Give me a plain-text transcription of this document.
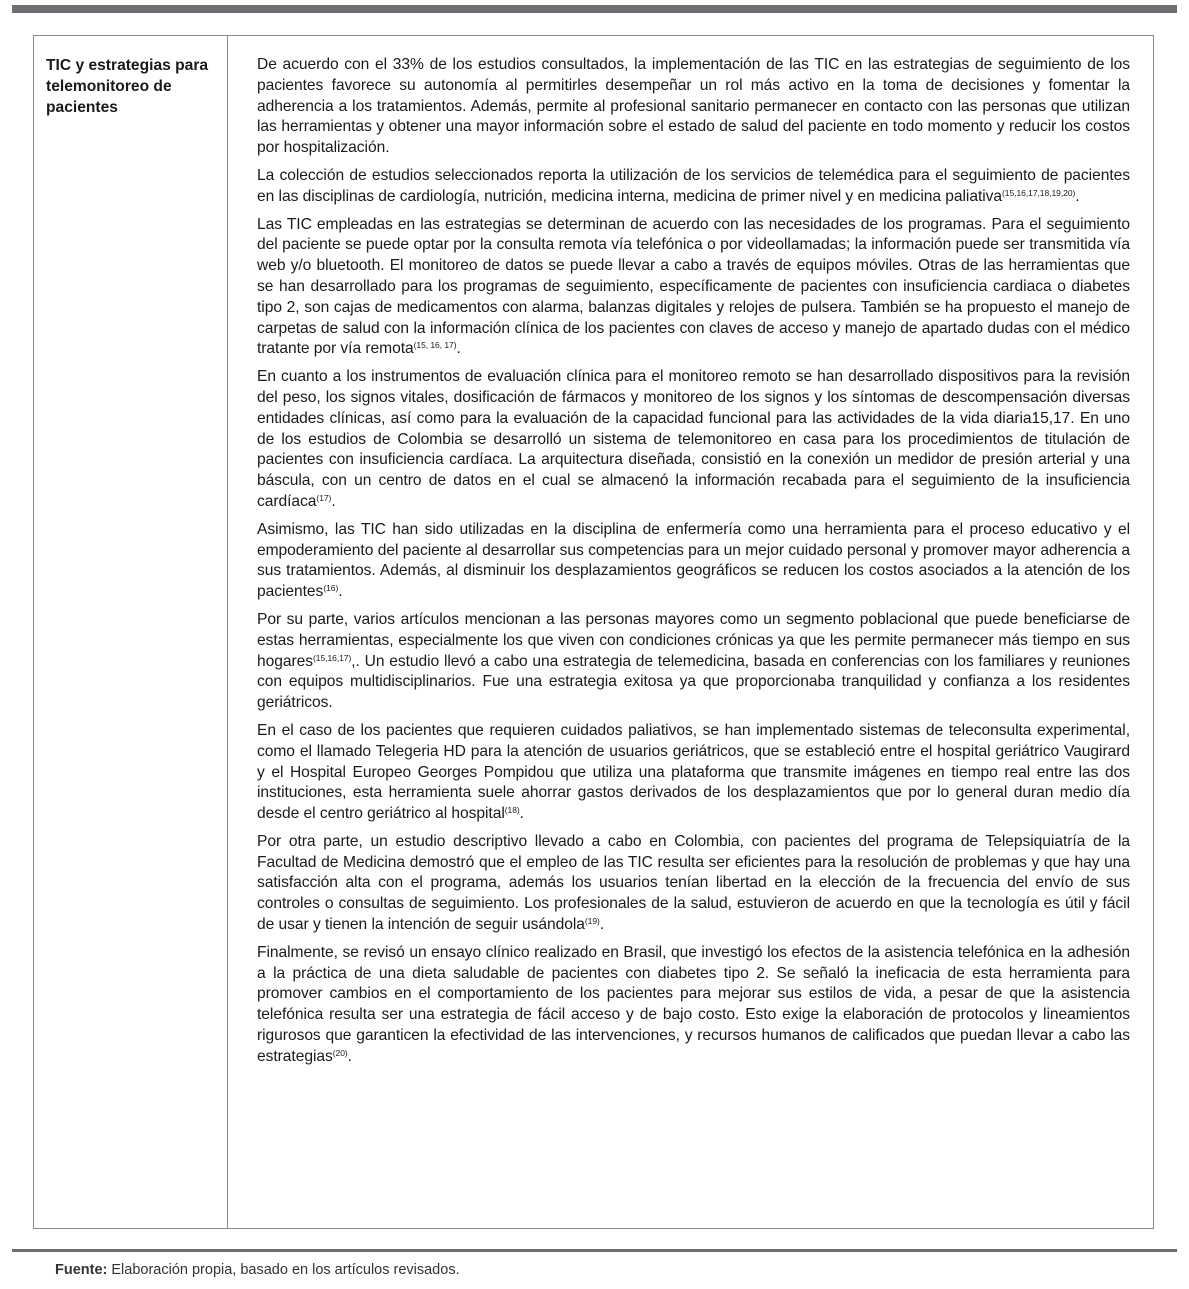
TIC y estrategias para telemonitoreo de pacientes

De acuerdo con el 33% de los estudios consultados, la implementación de las TIC en las estrategias de seguimiento de los pacientes favorece su autonomía al permitirles desempeñar un rol más activo en la toma de decisiones y fomentar la adherencia a los tratamientos. Además, permite al profesional sanitario permanecer en contacto con las personas que utilizan las herramientas y obtener una mayor información sobre el estado de salud del paciente en todo momento y reducir los costos por hospitalización.

La colección de estudios seleccionados reporta la utilización de los servicios de telemédica para el seguimiento de pacientes en las disciplinas de cardiología, nutrición, medicina interna, medicina de primer nivel y en medicina paliativa$^{(15,16,17,18,19,20)}$.

Las TIC empleadas en las estrategias se determinan de acuerdo con las necesidades de los programas. Para el seguimiento del paciente se puede optar por la consulta remota vía telefónica o por videollamadas; la información puede ser transmitida vía web y/o bluetooth. El monitoreo de datos se puede llevar a cabo a través de equipos móviles. Otras de las herramientas que se han desarrollado para los programas de seguimiento, específicamente de pacientes con insuficiencia cardiaca o diabetes tipo 2, son cajas de medicamentos con alarma, balanzas digitales y relojes de pulsera. También se ha propuesto el manejo de carpetas de salud con la información clínica de los pacientes con claves de acceso y manejo de apartado dudas con el médico tratante por vía remota$^{(15, 16, 17)}$.

En cuanto a los instrumentos de evaluación clínica para el monitoreo remoto se han desarrollado dispositivos para la revisión del peso, los signos vitales, dosificación de fármacos y monitoreo de los signos y los síntomas de descompensación diversas entidades clínicas, así como para la evaluación de la capacidad funcional para las actividades de la vida diaria15,17. En uno de los estudios de Colombia se desarrolló un sistema de telemonitoreo en casa para los procedimientos de titulación de pacientes con insuficiencia cardíaca. La arquitectura diseñada, consistió en la conexión un medidor de presión arterial y una báscula, con un centro de datos en el cual se almacenó la información recabada para el seguimiento de la insuficiencia cardíaca$^{(17)}$.

Asimismo, las TIC han sido utilizadas en la disciplina de enfermería como una herramienta para el proceso educativo y el empoderamiento del paciente al desarrollar sus competencias para un mejor cuidado personal y promover mayor adherencia a sus tratamientos. Además, al disminuir los desplazamientos geográficos se reducen los costos asociados a la atención de los pacientes$^{(16)}$.

Por su parte, varios artículos mencionan a las personas mayores como un segmento poblacional que puede beneficiarse de estas herramientas, especialmente los que viven con condiciones crónicas ya que les permite permanecer más tiempo en sus hogares$^{(15,16,17)}$,. Un estudio llevó a cabo una estrategia de telemedicina, basada en conferencias con los familiares y reuniones con equipos multidisciplinarios. Fue una estrategia exitosa ya que proporcionaba tranquilidad y confianza a los residentes geriátricos.

En el caso de los pacientes que requieren cuidados paliativos, se han implementado sistemas de teleconsulta experimental, como el llamado Telegeria HD para la atención de usuarios geriátricos, que se estableció entre el hospital geriátrico Vaugirard y el Hospital Europeo Georges Pompidou que utiliza una plataforma que transmite imágenes en tiempo real entre las dos instituciones, esta herramienta suele ahorrar gastos derivados de los desplazamientos que por lo general duran medio día desde el centro geriátrico al hospital$^{(18)}$.

Por otra parte, un estudio descriptivo llevado a cabo en Colombia, con pacientes del programa de Telepsiquiatría de la Facultad de Medicina demostró que el empleo de las TIC resulta ser eficientes para la resolución de problemas y que hay una satisfacción alta con el programa, además los usuarios tenían libertad en la elección de la frecuencia del envío de sus controles o consultas de seguimiento. Los profesionales de la salud, estuvieron de acuerdo en que la tecnología es útil y fácil de usar y tienen la intención de seguir usándola$^{(19)}$.

Finalmente, se revisó un ensayo clínico realizado en Brasil, que investigó los efectos de la asistencia telefónica en la adhesión a la práctica de una dieta saludable de pacientes con diabetes tipo 2. Se señaló la ineficacia de esta herramienta para promover cambios en el comportamiento de los pacientes para mejorar sus estilos de vida, a pesar de que la asistencia telefónica resulta ser una estrategia de fácil acceso y de bajo costo. Esto exige la elaboración de protocolos y lineamientos rigurosos que garanticen la efectividad de las intervenciones, y recursos humanos de calificados que puedan llevar a cabo las estrategias$^{(20)}$.

Fuente: Elaboración propia, basado en los artículos revisados.
